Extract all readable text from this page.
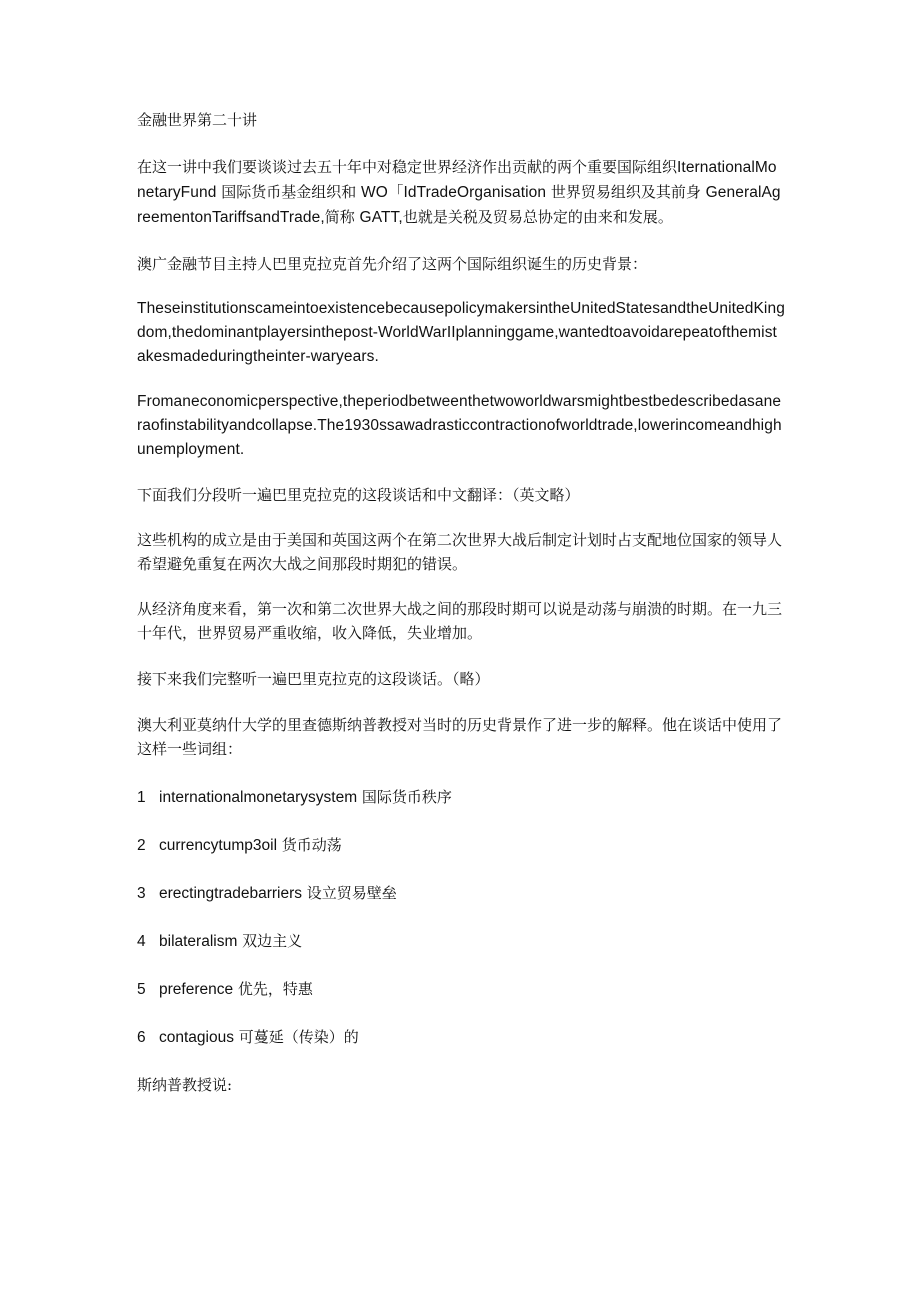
金融世界第二十讲

在这一讲中我们要谈谈过去五十年中对稳定世界经济作出贡献的两个重要国际组织IternationalMonetaryFund 国际货币基金组织和 WO「IdTradeOrganisation 世界贸易组织及其前身 GeneralAgreementonTariffsandTrade,简称 GATT,也就是关税及贸易总协定的由来和发展。

澳广金融节目主持人巴里克拉克首先介绍了这两个国际组织诞生的历史背景：

TheseinstitutionscameintoexistencebecausepolicymakersintheUnitedStatesandtheUnitedKingdom,thedominantplayersinthepost-WorldWarIIplanninggame,wantedtoavoidarepeatofthemistakesmadeduringtheinter-waryears.

Fromaneconomicperspective,theperiodbetweenthetwoworldwarsmightbestbedescribedasaneraofinstabilityandcollapse.The1930ssawadrasticcontractionofworldtrade,lowerincomeandhighunemployment.

下面我们分段听一遍巴里克拉克的这段谈话和中文翻译：（英文略）

这些机构的成立是由于美国和英国这两个在第二次世界大战后制定计划时占支配地位国家的领导人希望避免重复在两次大战之间那段时期犯的错误。

从经济角度来看，第一次和第二次世界大战之间的那段时期可以说是动荡与崩溃的时期。在一九三十年代，世界贸易严重收缩，收入降低，失业增加。

接下来我们完整听一遍巴里克拉克的这段谈话。（略）

澳大利亚莫纳什大学的里查德斯纳普教授对当时的历史背景作了进一步的解释。他在谈话中使用了这样一些词组：

1 internationalmonetarysystem 国际货币秩序
2 currencytump3oil 货币动荡
3 erectingtradebarriers 设立贸易壁垒
4 bilateralism 双边主义
5 preference 优先，特惠
6 contagious 可蔓延（传染）的

斯纳普教授说:
